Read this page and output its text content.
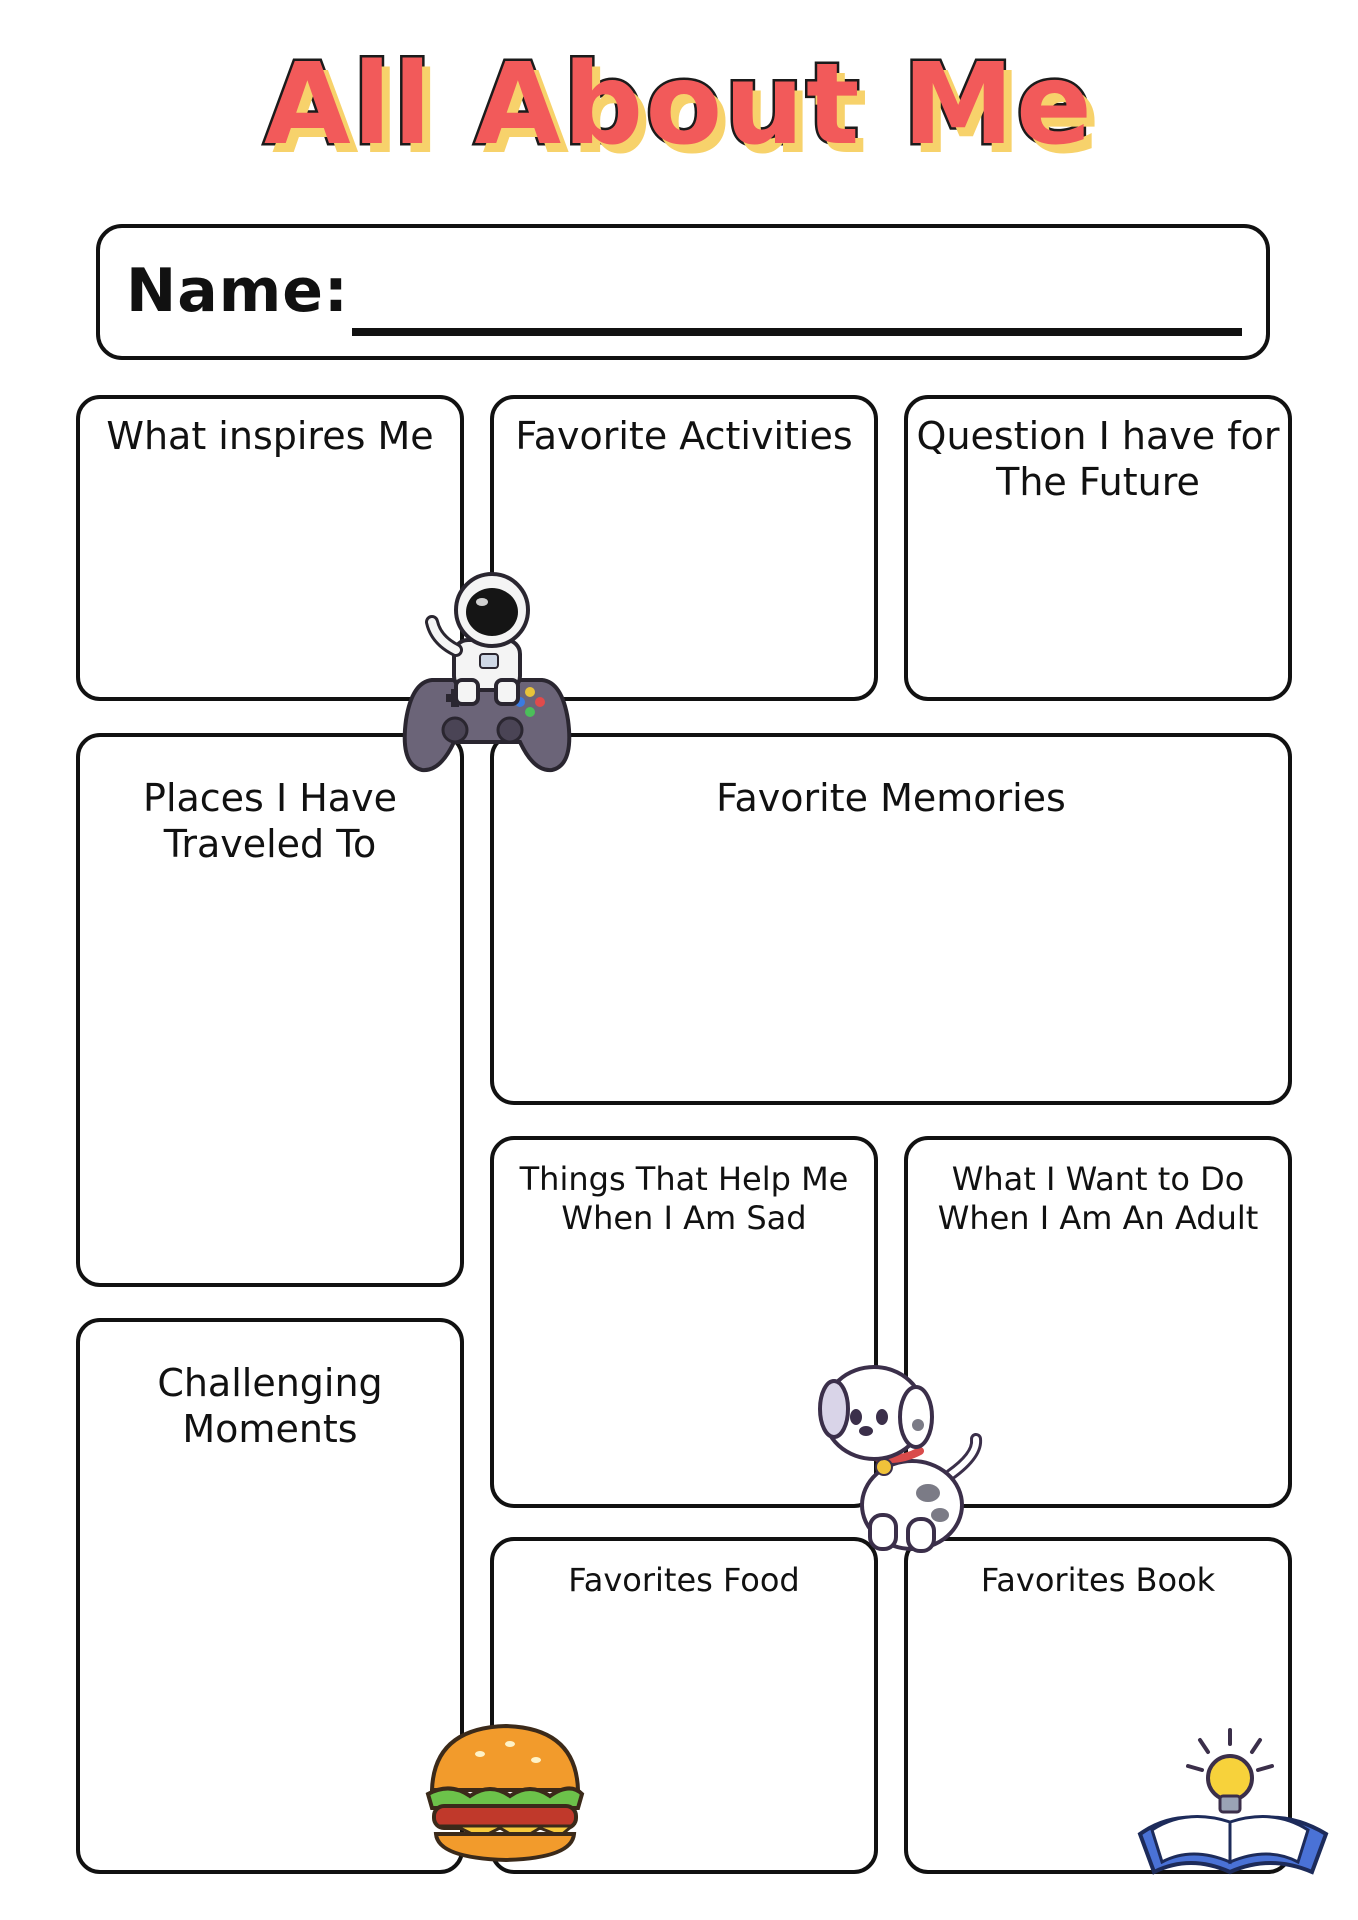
All About Me
Name:
What inspires Me	Favorite Activities	Question I have for
The Future
Places I Have
Traveled To
Challenging
Moments
Favorite Memories
Things That Help Me
When I Am Sad
What I Want to Do
When I Am An Adult
Favorites Food	Favorites Book
